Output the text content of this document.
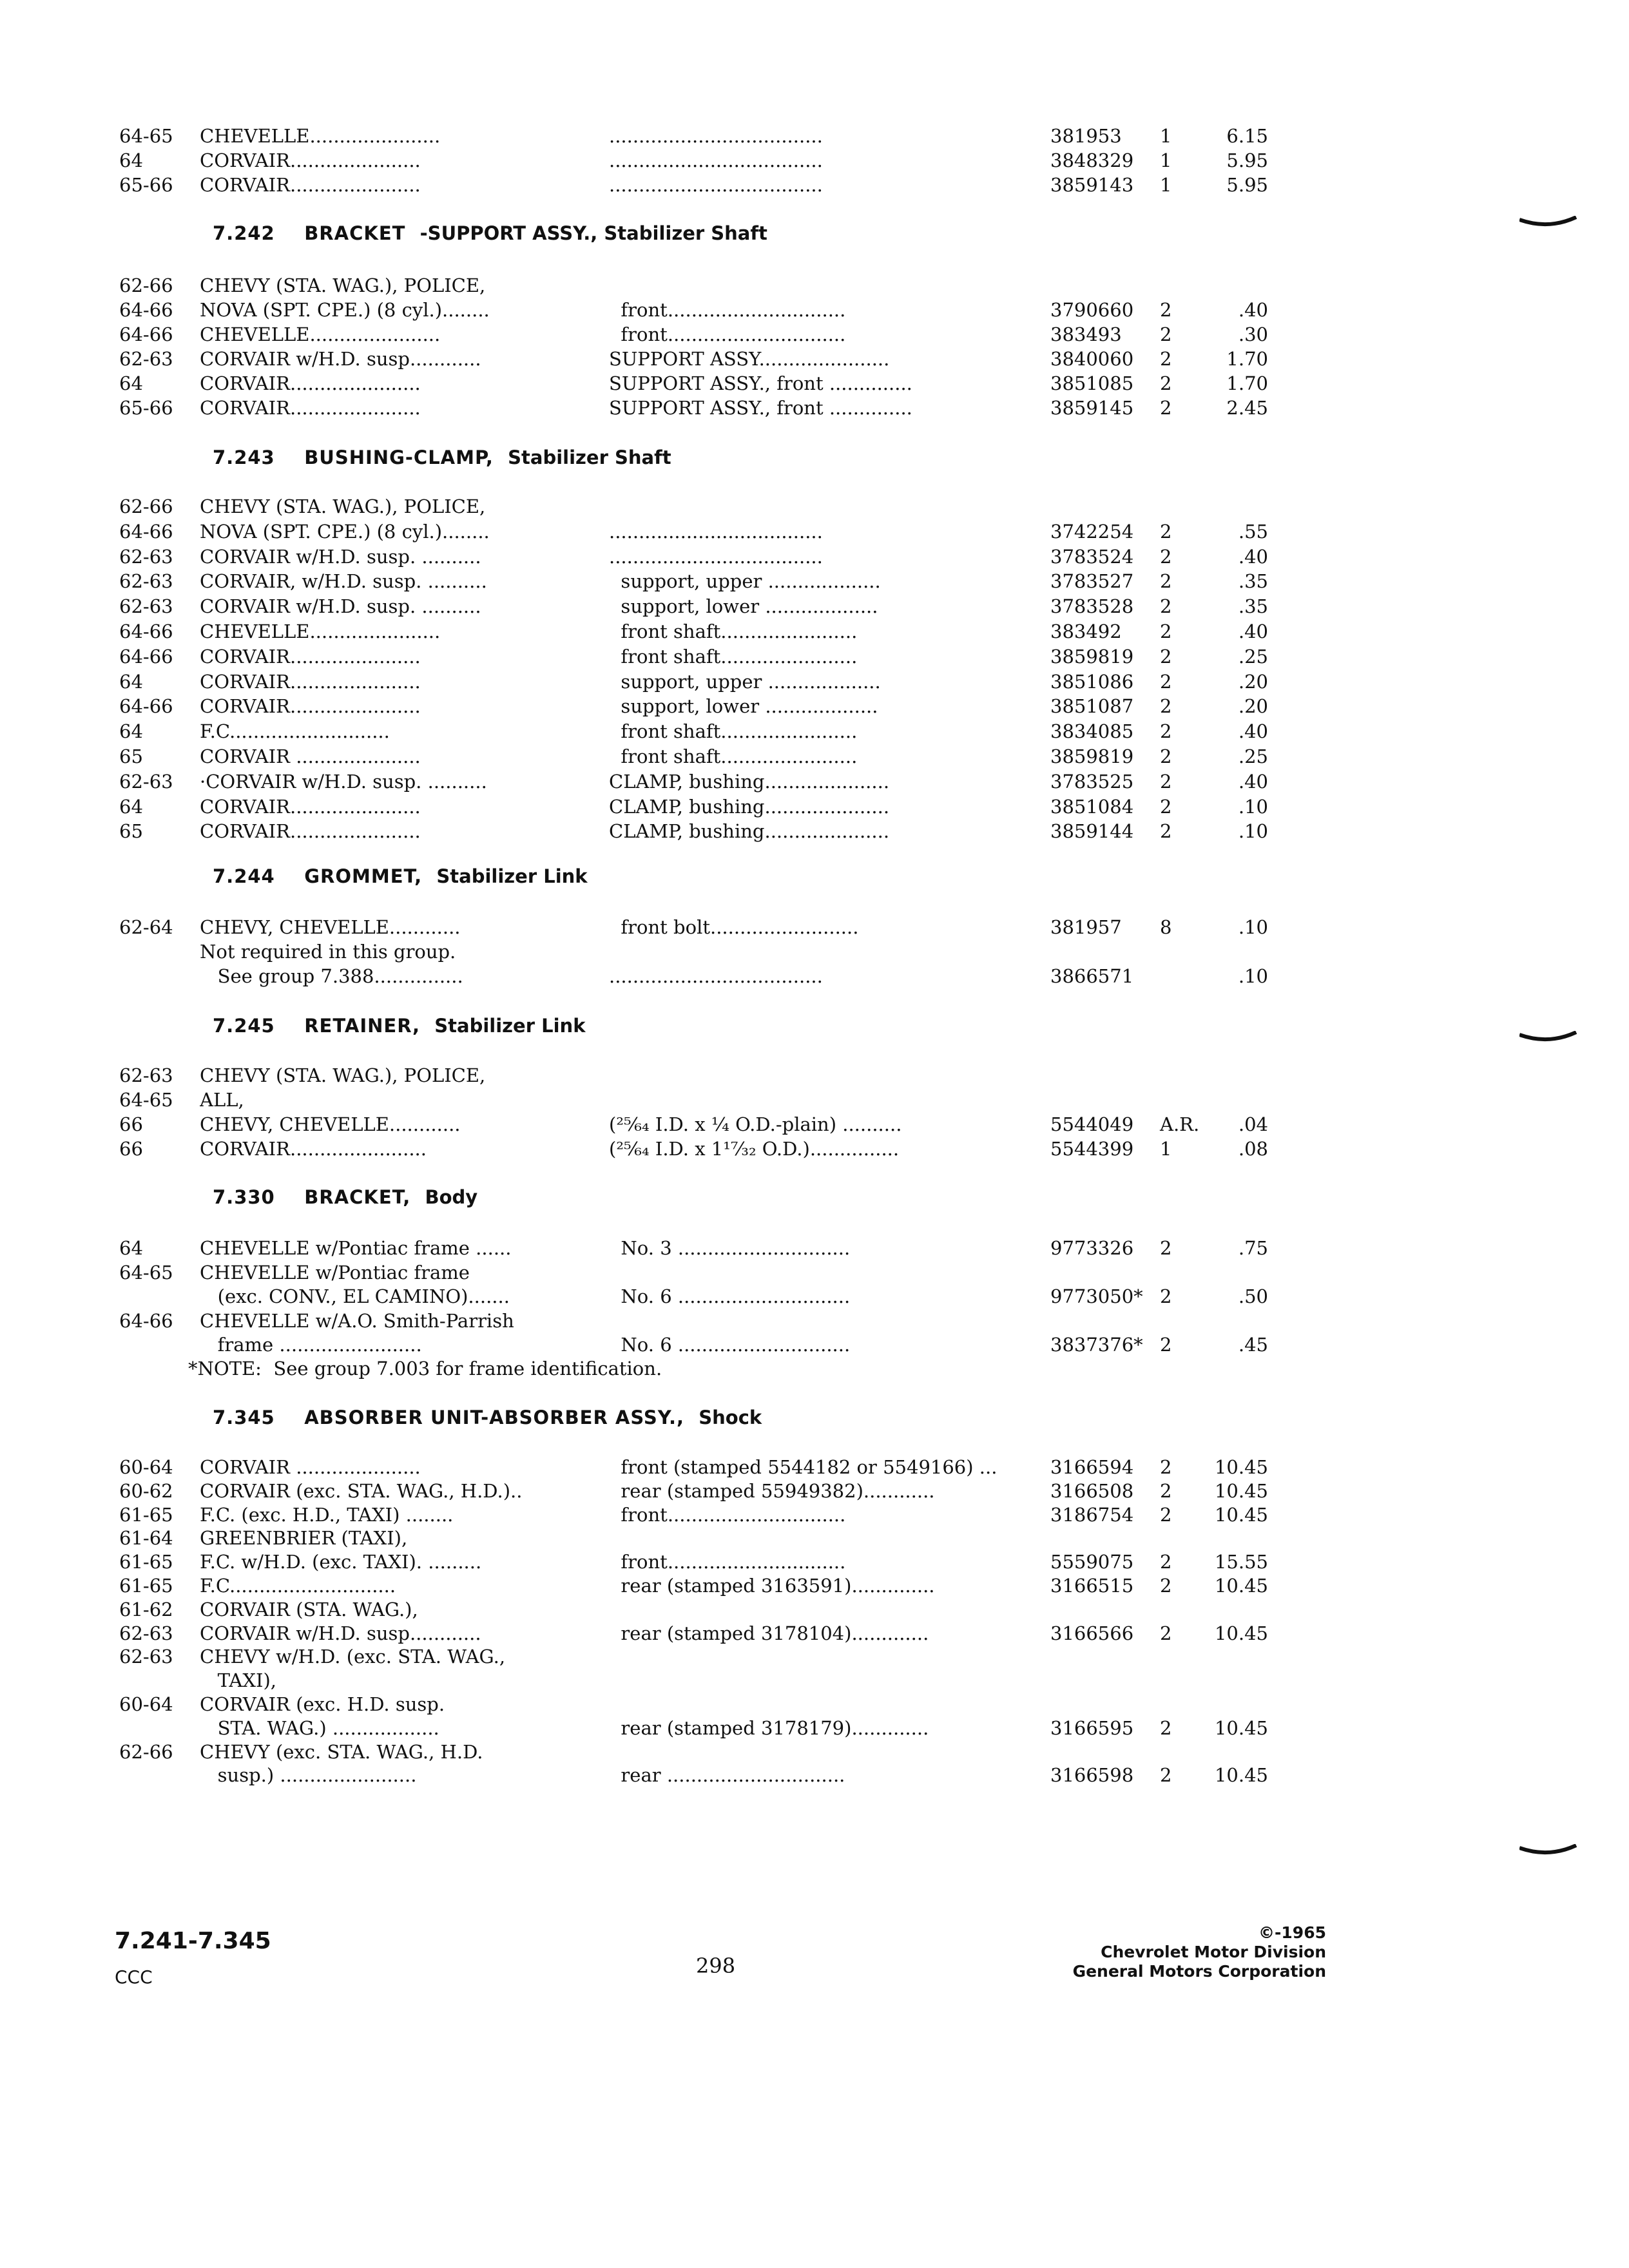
64-65 CHEVELLE......................	....................................	381953 1	6.15
64	CORVAIR......................	....................................	3848329 1	5.95
65-66 CORVAIR......................	....................................	3859143 1	5.95
7.242 BRACKET -SUPPORT ASSY., Stabilizer Shaft
62-66 CHEVY (STA. WAG.), POLICE,
64-66 NOVA (SPT. CPE.) (8 cyl.)........	front..............................	3790660 2	.40
64-66 CHEVELLE......................	front..............................	383493 2	.30
62-63 CORVAIR w/H.D. susp............	SUPPORT ASSY......................	3840060 2	1.70
64	CORVAIR......................	SUPPORT ASSY., front ..............	3851085 2	1.70
65-66 CORVAIR......................	SUPPORT ASSY., front ..............	3859145 2	2.45
7.243 BUSHING-CLAMP, Stabilizer Shaft
62-66 CHEVY (STA. WAG.), POLICE,
64-66 NOVA (SPT. CPE.) (8 cyl.)........	....................................	3742254 2	.55
62-63 CORVAIR w/H.D. susp. ..........	....................................	3783524 2	.40
62-63 CORVAIR, w/H.D. susp. ..........	support, upper ...................	3783527 2	.35
62-63 CORVAIR w/H.D. susp. ..........	support, lower ...................	3783528 2	.35
64-66 CHEVELLE......................	front shaft.......................	383492 2	.40
64-66 CORVAIR......................	front shaft.......................	3859819 2	.25
64	CORVAIR......................	support, upper ...................	3851086 2	.20
64-66 CORVAIR......................	support, lower ...................	3851087 2	.20
64	F.C...........................	front shaft.......................	3834085 2	.40
65	CORVAIR .....................	front shaft.......................	3859819 2	.25
62-63 ·CORVAIR w/H.D. susp. ..........	CLAMP, bushing.....................	3783525 2	.40
64	CORVAIR......................	CLAMP, bushing.....................	3851084 2	.10
65	CORVAIR......................	CLAMP, bushing.....................	3859144 2	.10
7.244 GROMMET, Stabilizer Link
62-64 CHEVY, CHEVELLE............	front bolt.........................	381957 8	.10
Not required in this group.
See group 7.388...............	....................................	3866571	.10
7.245 RETAINER, Stabilizer Link
62-63 CHEVY (STA. WAG.), POLICE,
64-65 ALL,
66	CHEVY, CHEVELLE............	(²⁵⁄₆₄ I.D. x ¼ O.D.-plain) ..........	5544049 A.R. .04
66	CORVAIR.......................	(²⁵⁄₆₄ I.D. x 1¹⁷⁄₃₂ O.D.)...............	5544399 1	.08
7.330 BRACKET, Body
64	CHEVELLE w/Pontiac frame ......	No. 3 .............................	9773326 2	.75
64-65 CHEVELLE w/Pontiac frame
(exc. CONV., EL CAMINO).......	No. 6 .............................	9773050* 2	.50
64-66 CHEVELLE w/A.O. Smith-Parrish
frame ........................	No. 6 .............................	3837376* 2	.45
*NOTE:  See group 7.003 for frame identification.
7.345 ABSORBER UNIT-ABSORBER ASSY., Shock
60-64 CORVAIR .....................	front (stamped 5544182 or 5549166) ...	3166594 2 10.45
60-62 CORVAIR (exc. STA. WAG., H.D.)..	rear (stamped 55949382)............	3166508 2 10.45
61-65 F.C. (exc. H.D., TAXI) ........	front..............................	3186754 2 10.45
61-64 GREENBRIER (TAXI),
61-65 F.C. w/H.D. (exc. TAXI). .........	front..............................	5559075 2 15.55
61-65 F.C............................	rear (stamped 3163591)..............	3166515 2 10.45
61-62 CORVAIR (STA. WAG.),
62-63 CORVAIR w/H.D. susp............	rear (stamped 3178104).............	3166566 2 10.45
62-63 CHEVY w/H.D. (exc. STA. WAG.,
TAXI),
60-64 CORVAIR (exc. H.D. susp.
STA. WAG.) ..................	rear (stamped 3178179).............	3166595 2 10.45
62-66 CHEVY (exc. STA. WAG., H.D.
susp.) .......................	rear ..............................	3166598 2 10.45
7.241-7.345
CCC	298
©-1965
Chevrolet Motor Division
General Motors Corporation
